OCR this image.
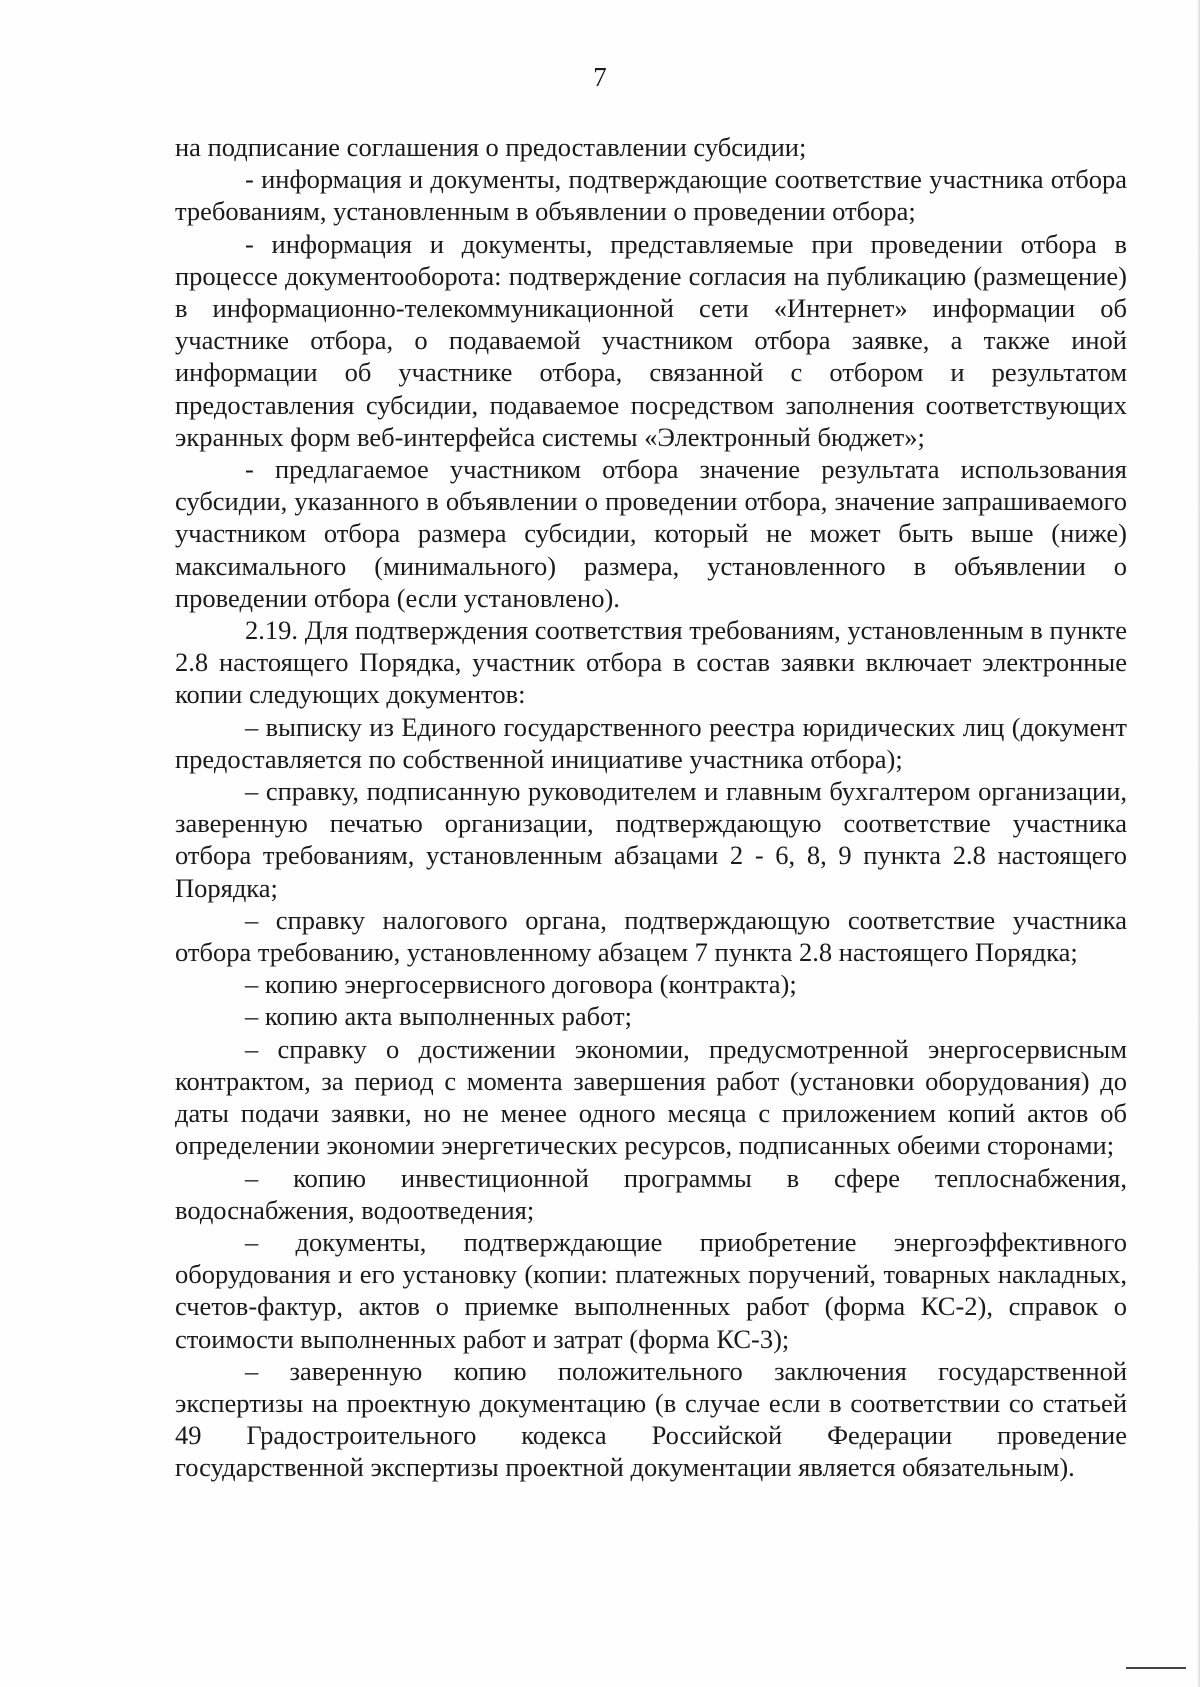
7

на подписание соглашения о предоставлении субсидии;

- информация и документы, подтверждающие соответствие участника отбора требованиям, установленным в объявлении о проведении отбора;

- информация и документы, представляемые при проведении отбора в процессе документооборота: подтверждение согласия на публикацию (размещение) в информационно-телекоммуникационной сети «Интернет» информации об участнике отбора, о подаваемой участником отбора заявке, а также иной информации об участнике отбора, связанной с отбором и результатом предоставления субсидии, подаваемое посредством заполнения соответствующих экранных форм веб-интерфейса системы «Электронный бюджет»;

- предлагаемое участником отбора значение результата использования субсидии, указанного в объявлении о проведении отбора, значение запрашиваемого участником отбора размера субсидии, который не может быть выше (ниже) максимального (минимального) размера, установленного в объявлении о проведении отбора (если установлено).

2.19. Для подтверждения соответствия требованиям, установленным в пункте 2.8 настоящего Порядка, участник отбора в состав заявки включает электронные копии следующих документов:

– выписку из Единого государственного реестра юридических лиц (документ предоставляется по собственной инициативе участника отбора);

– справку, подписанную руководителем и главным бухгалтером организации, заверенную печатью организации, подтверждающую соответствие участника отбора требованиям, установленным абзацами 2 - 6, 8, 9 пункта 2.8 настоящего Порядка;

– справку налогового органа, подтверждающую соответствие участника отбора требованию, установленному абзацем 7 пункта 2.8 настоящего Порядка;

– копию энергосервисного договора (контракта);

– копию акта выполненных работ;

– справку о достижении экономии, предусмотренной энергосервисным контрактом, за период с момента завершения работ (установки оборудования) до даты подачи заявки, но не менее одного месяца с приложением копий актов об определении экономии энергетических ресурсов, подписанных обеими сторонами;

– копию инвестиционной программы в сфере теплоснабжения, водоснабжения, водоотведения;

– документы, подтверждающие приобретение энергоэффективного оборудования и его установку (копии: платежных поручений, товарных накладных, счетов-фактур, актов о приемке выполненных работ (форма КС-2), справок о стоимости выполненных работ и затрат (форма КС-3);

– заверенную копию положительного заключения государственной экспертизы на проектную документацию (в случае если в соответствии со статьей 49 Градостроительного кодекса Российской Федерации проведение государственной экспертизы проектной документации является обязательным).
